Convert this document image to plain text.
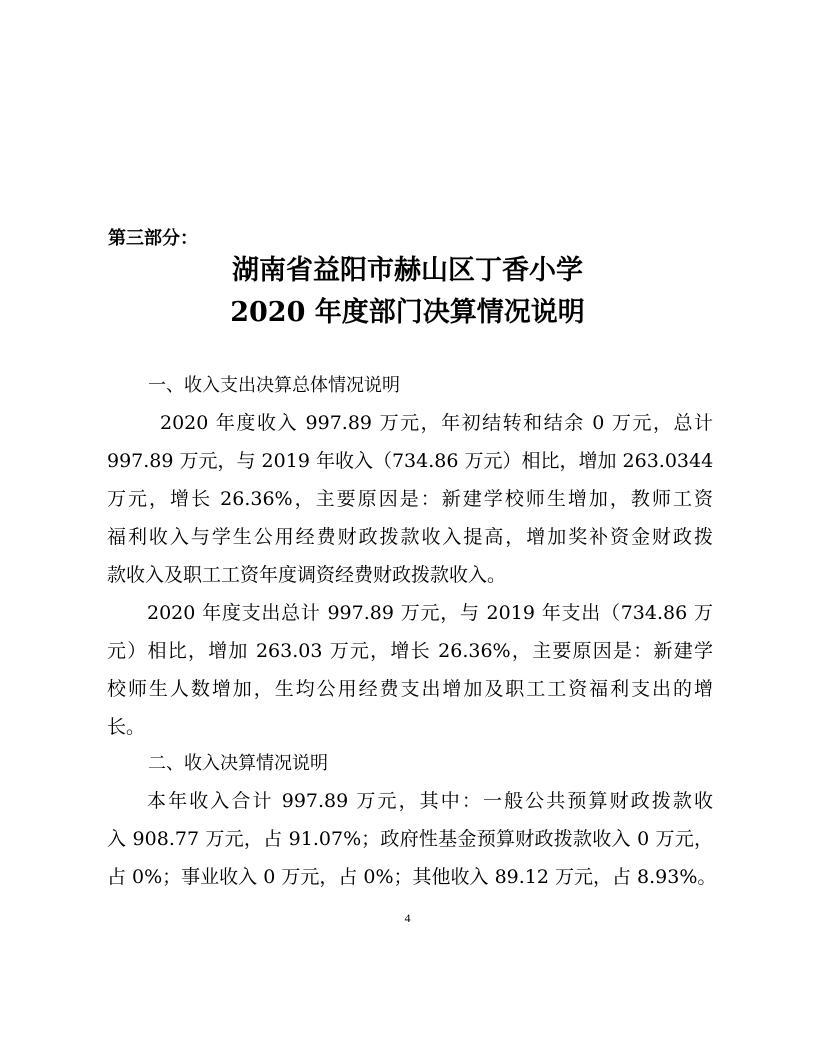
第三部分：
湖南省益阳市赫山区丁香小学
2020 年度部门决算情况说明
一、收入支出决算总体情况说明
2020 年度收入 997.89 万元，年初结转和结余 0 万元，总计
997.89 万元，与 2019 年收入（734.86 万元）相比，增加 263.0344
万元，增长 26.36%，主要原因是：新建学校师生增加，教师工资
福利收入与学生公用经费财政拨款收入提高，增加奖补资金财政拨
款收入及职工工资年度调资经费财政拨款收入。
2020 年度支出总计 997.89 万元，与 2019 年支出（734.86 万
元）相比，增加 263.03 万元，增长 26.36%，主要原因是：新建学
校师生人数增加，生均公用经费支出增加及职工工资福利支出的增
长。
二、收入决算情况说明
本年收入合计 997.89 万元，其中：一般公共预算财政拨款收
入 908.77 万元，占 91.07%；政府性基金预算财政拨款收入 0 万元，
占 0%；事业收入 0 万元，占 0%；其他收入 89.12 万元，占 8.93%。
4
